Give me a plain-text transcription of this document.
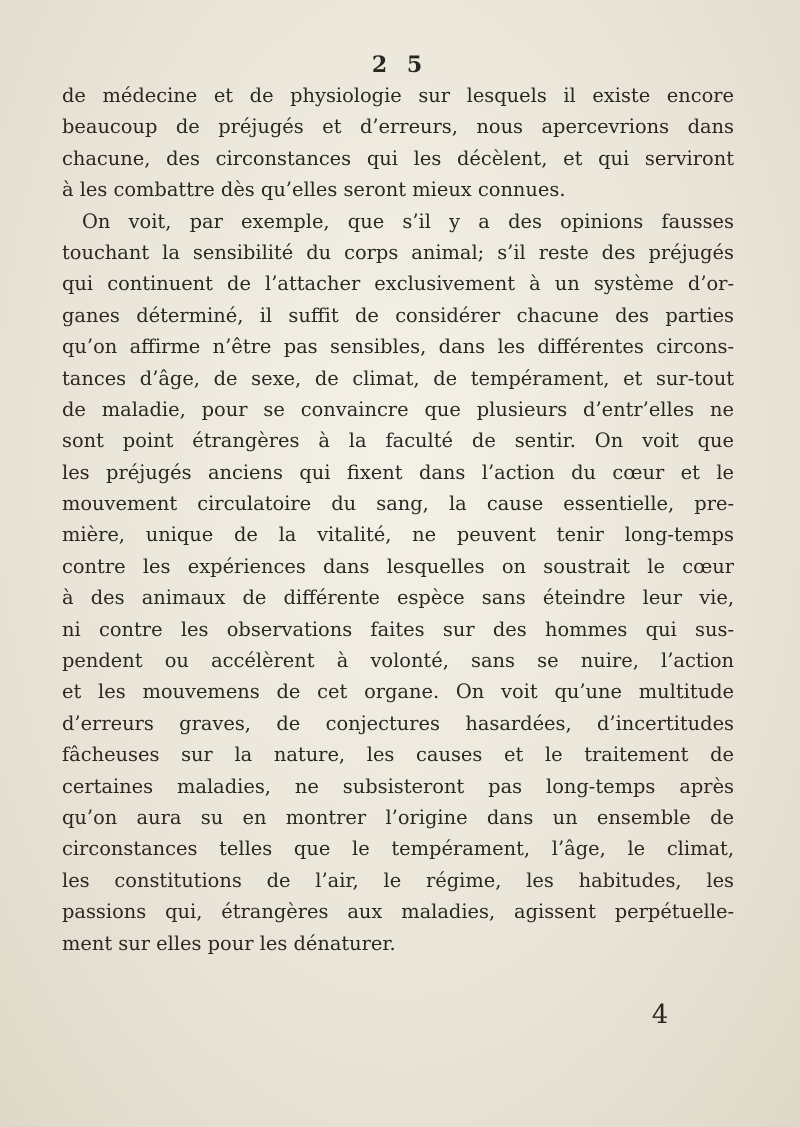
2 5
de médecine et de physiologie sur lesquels il existe encore
beaucoup de préjugés et d’erreurs, nous apercevrions dans
chacune, des circonstances qui les décèlent, et qui serviront
à les combattre dès qu’elles seront mieux connues.
On voit, par exemple, que s’il y a des opinions fausses
touchant la sensibilité du corps animal; s’il reste des préjugés
qui continuent de l’attacher exclusivement à un système d’or-
ganes déterminé, il suffit de considérer chacune des parties
qu’on affirme n’être pas sensibles, dans les différentes circons-
tances d’âge, de sexe, de climat, de tempérament, et sur-tout
de maladie, pour se convaincre que plusieurs d’entr’elles ne
sont point étrangères à la faculté de sentir. On voit que
les préjugés anciens qui fixent dans l’action du cœur et le
mouvement circulatoire du sang, la cause essentielle, pre-
mière, unique de la vitalité, ne peuvent tenir long-temps
contre les expériences dans lesquelles on soustrait le cœur
à des animaux de différente espèce sans éteindre leur vie,
ni contre les observations faites sur des hommes qui sus-
pendent ou accélèrent à volonté, sans se nuire, l’action
et les mouvemens de cet organe. On voit qu’une multitude
d’erreurs graves, de conjectures hasardées, d’incertitudes
fâcheuses sur la nature, les causes et le traitement de
certaines maladies, ne subsisteront pas long-temps après
qu’on aura su en montrer l’origine dans un ensemble de
circonstances telles que le tempérament, l’âge, le climat,
les constitutions de l’air, le régime, les habitudes, les
passions qui, étrangères aux maladies, agissent perpétuelle-
ment sur elles pour les dénaturer.
4
